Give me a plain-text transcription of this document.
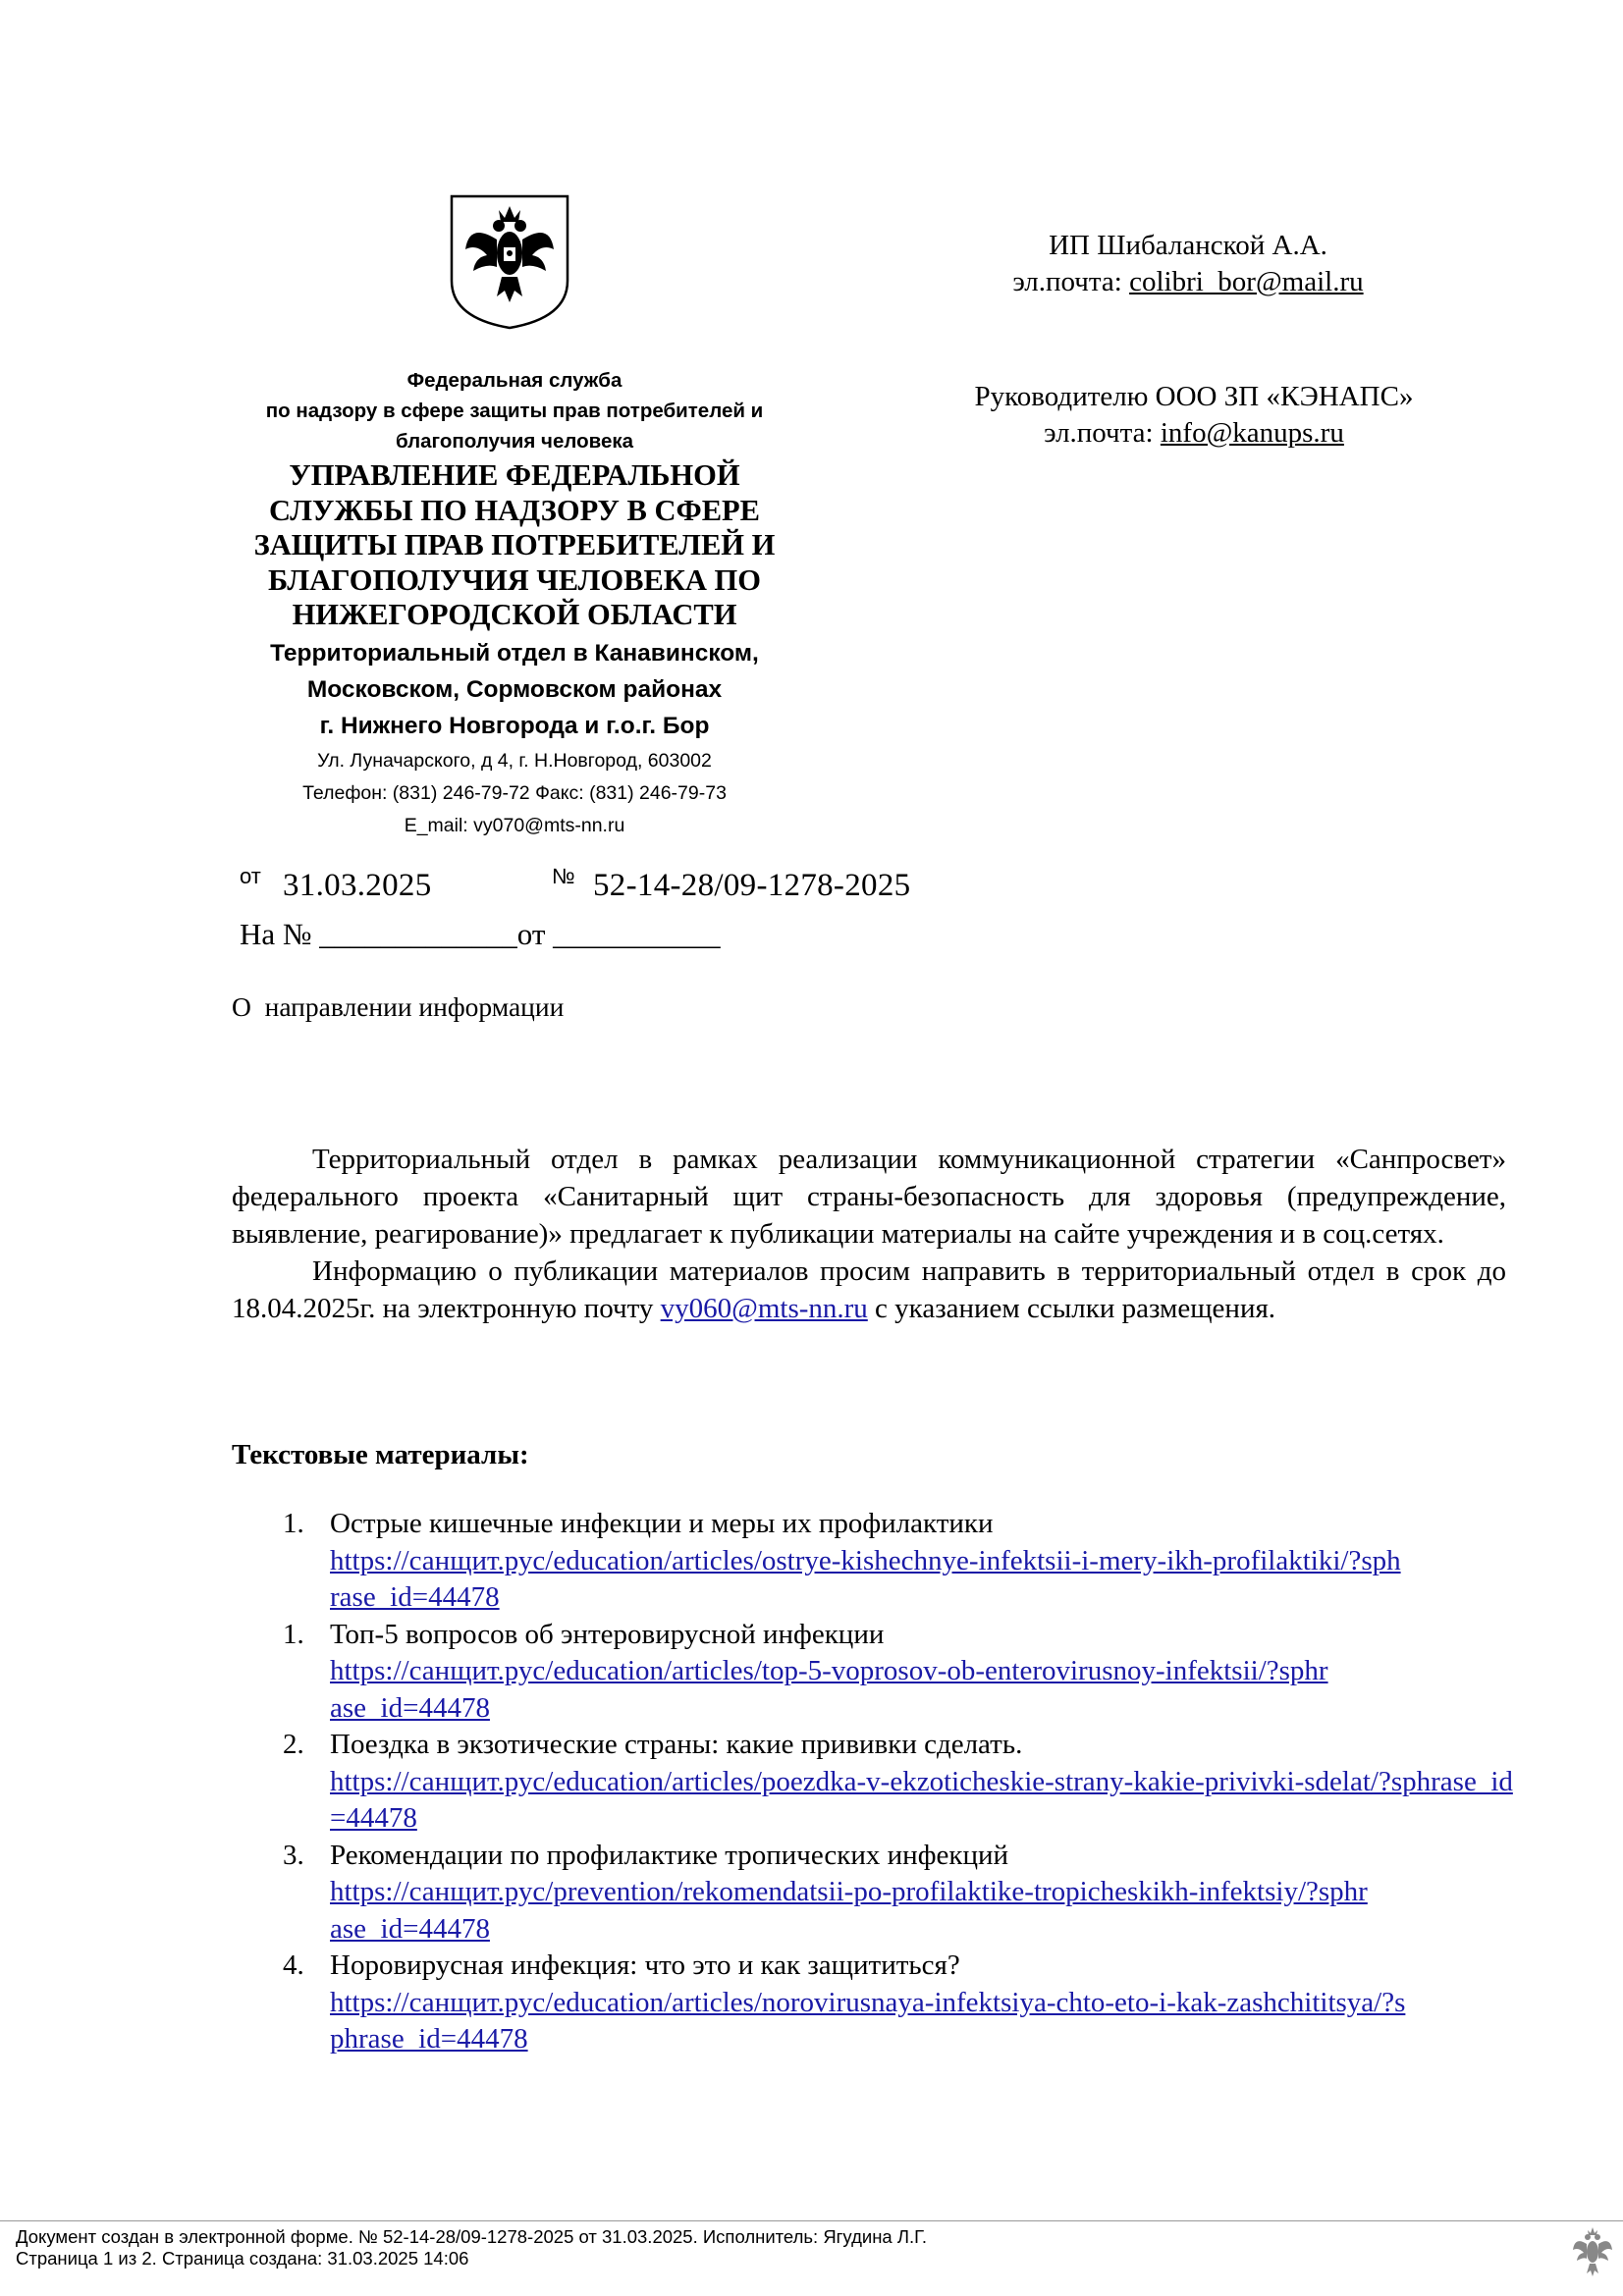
Федеральная служба
по надзору в сфере защиты прав потребителей и
благополучия человека
УПРАВЛЕНИЕ ФЕДЕРАЛЬНОЙ
СЛУЖБЫ ПО НАДЗОРУ В СФЕРЕ
ЗАЩИТЫ ПРАВ ПОТРЕБИТЕЛЕЙ И
БЛАГОПОЛУЧИЯ ЧЕЛОВЕКА ПО
НИЖЕГОРОДСКОЙ ОБЛАСТИ
Территориальный отдел в Канавинском,
Московском, Сормовском районах
г. Нижнего Новгорода и г.о.г. Бор
Ул. Луначарского, д 4, г. Н.Новгород, 603002
Телефон: (831) 246-79-72 Факс: (831) 246-79-73
E_mail: vy070@mts-nn.ru
ИП Шибаланской А.А.
эл.почта: colibri_bor@mail.ru
Руководителю ООО ЗП «КЭНАПС»
эл.почта: info@kanups.ru
от 31.03.2025	№ 52-14-28/09-1278-2025
На № _____________от ___________
О  направлении информации

Территориальный отдел в рамках реализации коммуникационной стратегии «Санпросвет» федерального проекта «Санитарный щит страны-безопасность для здоровья (предупреждение, выявление, реагирование)» предлагает к публикации материалы на сайте учреждения и в соц.сетях.

Информацию о публикации материалов просим направить в территориальный отдел в срок до 18.04.2025г. на электронную почту vy060@mts-nn.ru с указанием ссылки размещения.

Текстовые материалы:
1. Острые кишечные инфекции и меры их профилактики
https://санщит.рус/education/articles/ostrye-kishechnye-infektsii-i-mery-ikh-profilaktiki/?sphrase_id=44478
1. Топ-5 вопросов об энтеровирусной инфекции
https://санщит.рус/education/articles/top-5-voprosov-ob-enterovirusnoy-infektsii/?sphrase_id=44478
2. Поездка в экзотические страны: какие прививки сделать.
https://санщит.рус/education/articles/poezdka-v-ekzoticheskie-strany-kakie-privivki-sdelat/?sphrase_id=44478
3. Рекомендации по профилактике тропических инфекций
https://санщит.рус/prevention/rekomendatsii-po-profilaktike-tropicheskikh-infektsiy/?sphrase_id=44478
4. Норовирусная инфекция: что это и как защититься?
https://санщит.рус/education/articles/norovirusnaya-infektsiya-chto-eto-i-kak-zashchititsya/?sphrase_id=44478
Документ создан в электронной форме. № 52-14-28/09-1278-2025 от 31.03.2025. Исполнитель: Ягудина Л.Г.
Страница 1 из 2. Страница создана: 31.03.2025 14:06
